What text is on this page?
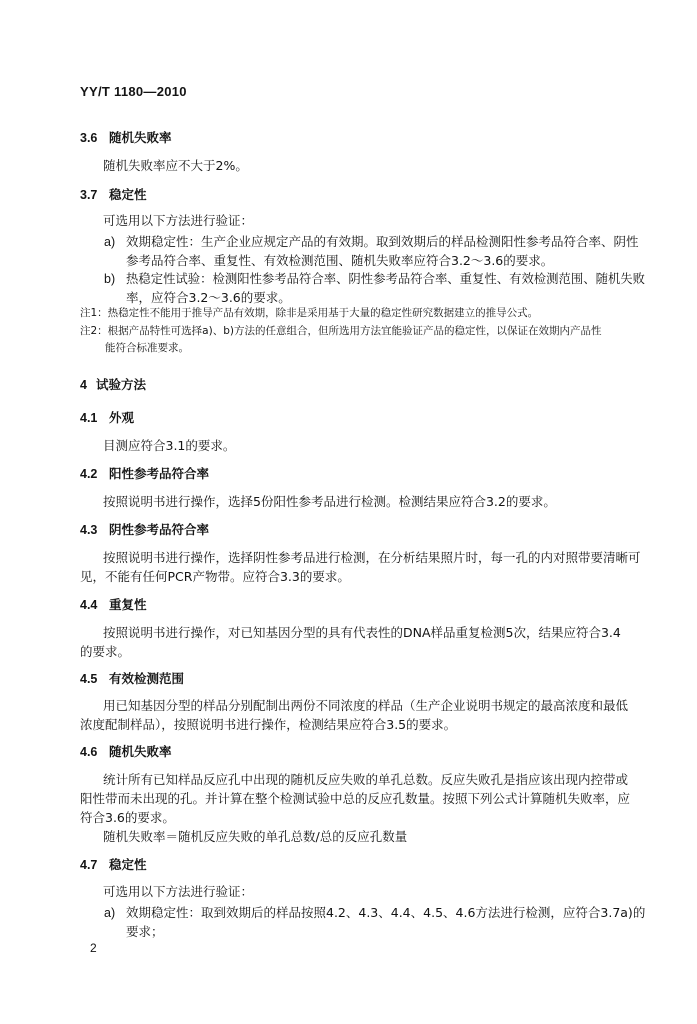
YY/T 1180—2010
3.6 随机失败率
随机失败率应不大于2%。
3.7 稳定性
可选用以下方法进行验证：
a) 效期稳定性：生产企业应规定产品的有效期。取到效期后的样品检测阳性参考品符合率、阴性
参考品符合率、重复性、有效检测范围、随机失败率应符合3.2～3.6的要求。
b) 热稳定性试验：检测阳性参考品符合率、阴性参考品符合率、重复性、有效检测范围、随机失败
率，应符合3.2～3.6的要求。
注1：热稳定性不能用于推导产品有效期，除非是采用基于大量的稳定性研究数据建立的推导公式。
注2：根据产品特性可选择a)、b)方法的任意组合，但所选用方法宜能验证产品的稳定性，以保证在效期内产品性
能符合标准要求。
4 试验方法
4.1 外观
目测应符合3.1的要求。
4.2 阳性参考品符合率
按照说明书进行操作，选择5份阳性参考品进行检测。检测结果应符合3.2的要求。
4.3 阴性参考品符合率
按照说明书进行操作，选择阴性参考品进行检测，在分析结果照片时，每一孔的内对照带要清晰可
见，不能有任何PCR产物带。应符合3.3的要求。
4.4 重复性
按照说明书进行操作，对已知基因分型的具有代表性的DNA样品重复检测5次，结果应符合3.4
的要求。
4.5 有效检测范围
用已知基因分型的样品分别配制出两份不同浓度的样品（生产企业说明书规定的最高浓度和最低
浓度配制样品），按照说明书进行操作，检测结果应符合3.5的要求。
4.6 随机失败率
统计所有已知样品反应孔中出现的随机反应失败的单孔总数。反应失败孔是指应该出现内控带或
阳性带而未出现的孔。并计算在整个检测试验中总的反应孔数量。按照下列公式计算随机失败率，应
符合3.6的要求。
随机失败率＝随机反应失败的单孔总数/总的反应孔数量
4.7 稳定性
可选用以下方法进行验证：
a) 效期稳定性：取到效期后的样品按照4.2、4.3、4.4、4.5、4.6方法进行检测，应符合3.7a)的
要求；
2
